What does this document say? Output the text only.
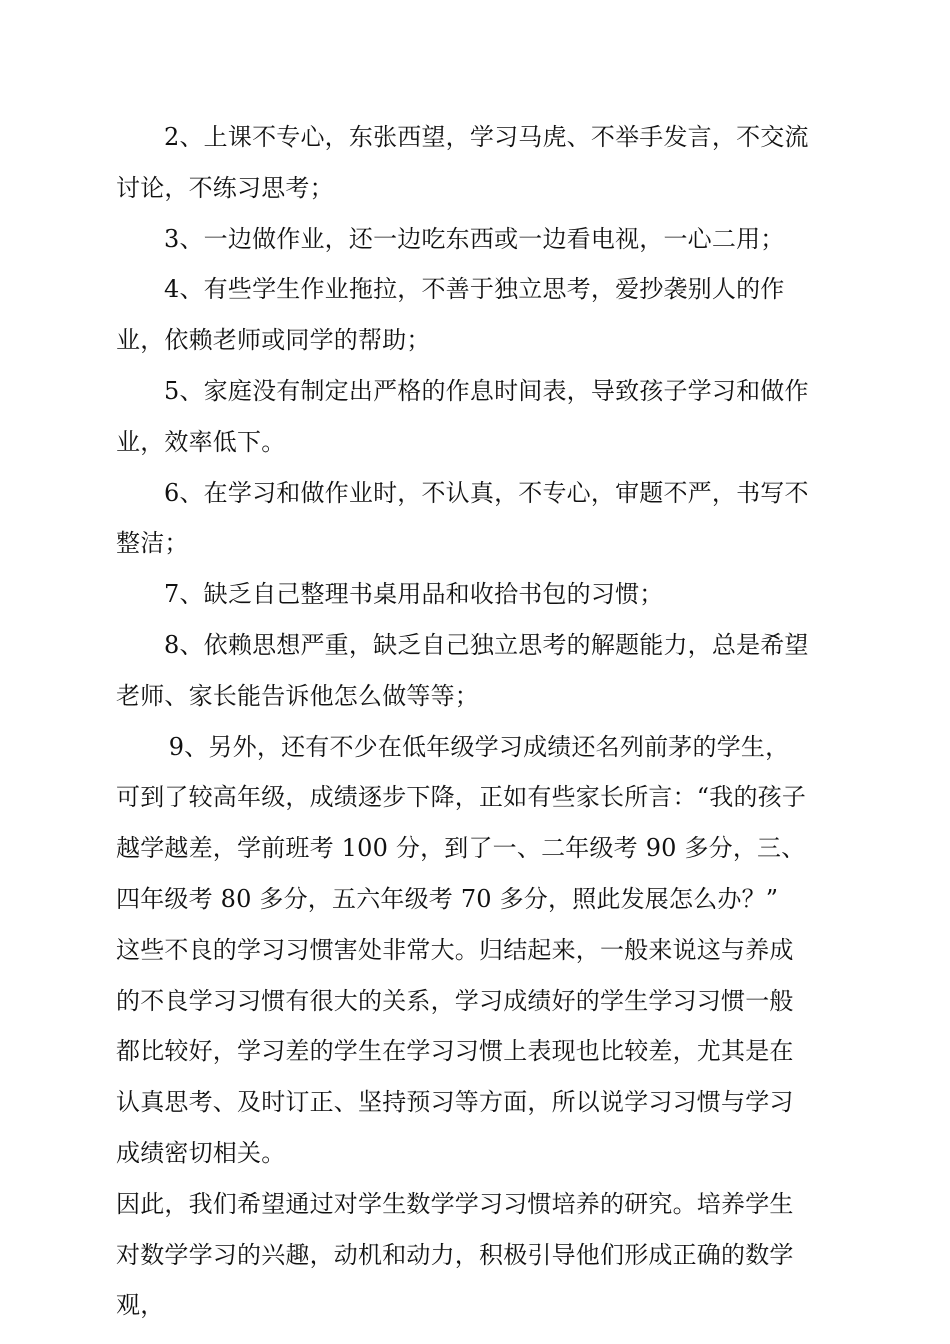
2、上课不专心，东张西望，学习马虎、不举手发言，不交流讨论，不练习思考；

3、一边做作业，还一边吃东西或一边看电视，一心二用；

4、有些学生作业拖拉，不善于独立思考，爱抄袭别人的作业，依赖老师或同学的帮助；

5、家庭没有制定出严格的作息时间表，导致孩子学习和做作业，效率低下。

6、在学习和做作业时，不认真，不专心，审题不严，书写不整洁；

7、缺乏自己整理书桌用品和收拾书包的习惯；

8、依赖思想严重，缺乏自己独立思考的解题能力，总是希望老师、家长能告诉他怎么做等等；

9、另外，还有不少在低年级学习成绩还名列前茅的学生，可到了较高年级，成绩逐步下降，正如有些家长所言：“我的孩子越学越差，学前班考 100 分，到了一、二年级考 90 多分，三、四年级考 80 多分，五六年级考 70 多分，照此发展怎么办？” 这些不良的学习习惯害处非常大。归结起来，一般来说这与养成的不良学习习惯有很大的关系，学习成绩好的学生学习习惯一般都比较好，学习差的学生在学习习惯上表现也比较差，尤其是在认真思考、及时订正、坚持预习等方面，所以说学习习惯与学习成绩密切相关。

因此，我们希望通过对学生数学学习习惯培养的研究。培养学生对数学学习的兴趣，动机和动力，积极引导他们形成正确的数学观，
